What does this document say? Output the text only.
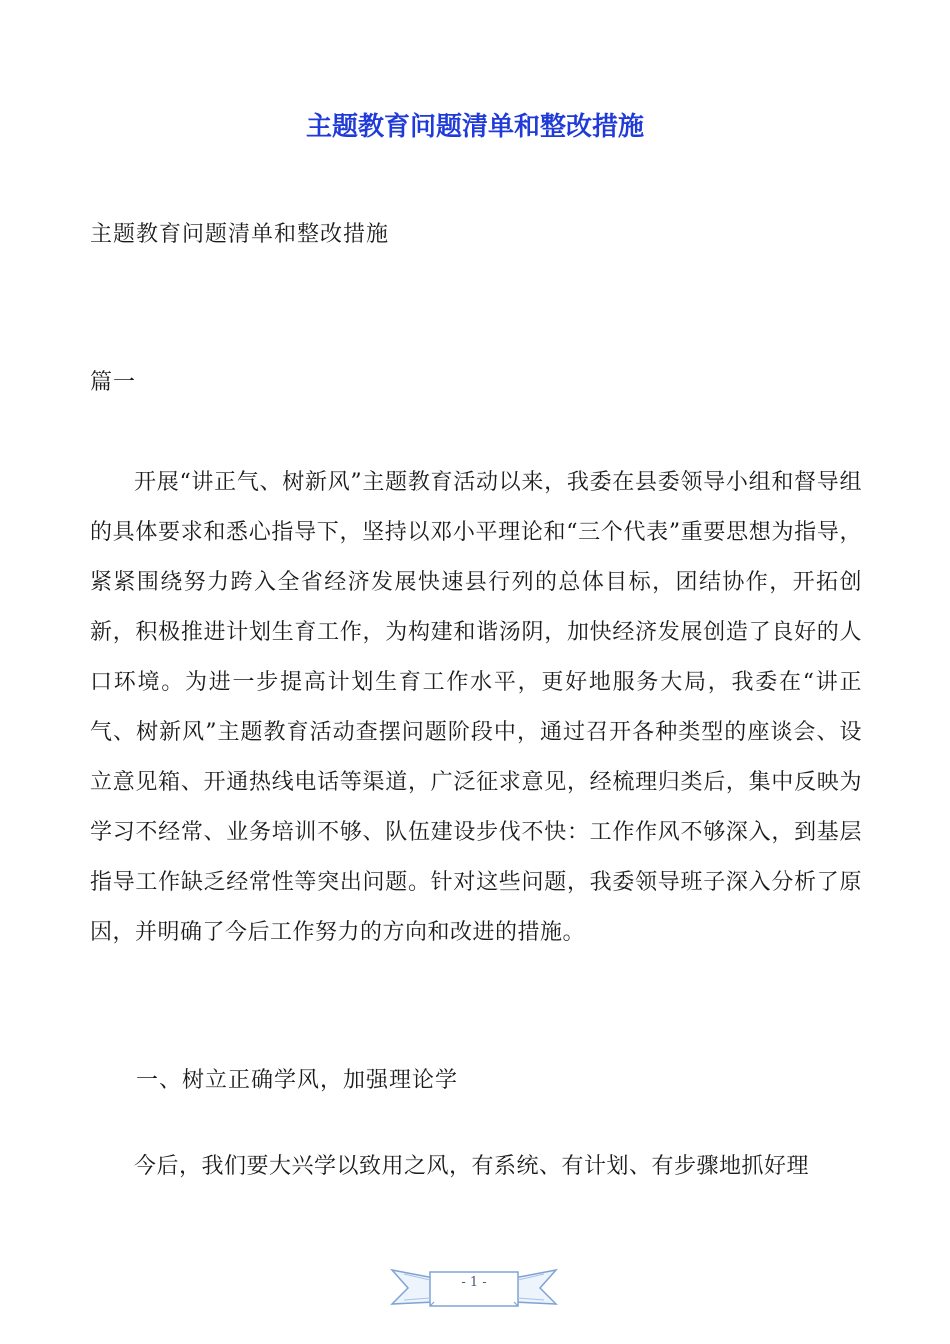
主题教育问题清单和整改措施
主题教育问题清单和整改措施
篇一
开展“讲正气、树新风”主题教育活动以来，我委在县委领导小组和督导组的具体要求和悉心指导下，坚持以邓小平理论和“三个代表”重要思想为指导，紧紧围绕努力跨入全省经济发展快速县行列的总体目标，团结协作，开拓创新，积极推进计划生育工作，为构建和谐汤阴，加快经济发展创造了良好的人口环境。为进一步提高计划生育工作水平，更好地服务大局，我委在“讲正气、树新风”主题教育活动查摆问题阶段中，通过召开各种类型的座谈会、设立意见箱、开通热线电话等渠道，广泛征求意见，经梳理归类后，集中反映为学习不经常、业务培训不够、队伍建设步伐不快：工作作风不够深入，到基层指导工作缺乏经常性等突出问题。针对这些问题，我委领导班子深入分析了原因，并明确了今后工作努力的方向和改进的措施。
一、树立正确学风，加强理论学
今后，我们要大兴学以致用之风，有系统、有计划、有步骤地抓好理
- 1 -
